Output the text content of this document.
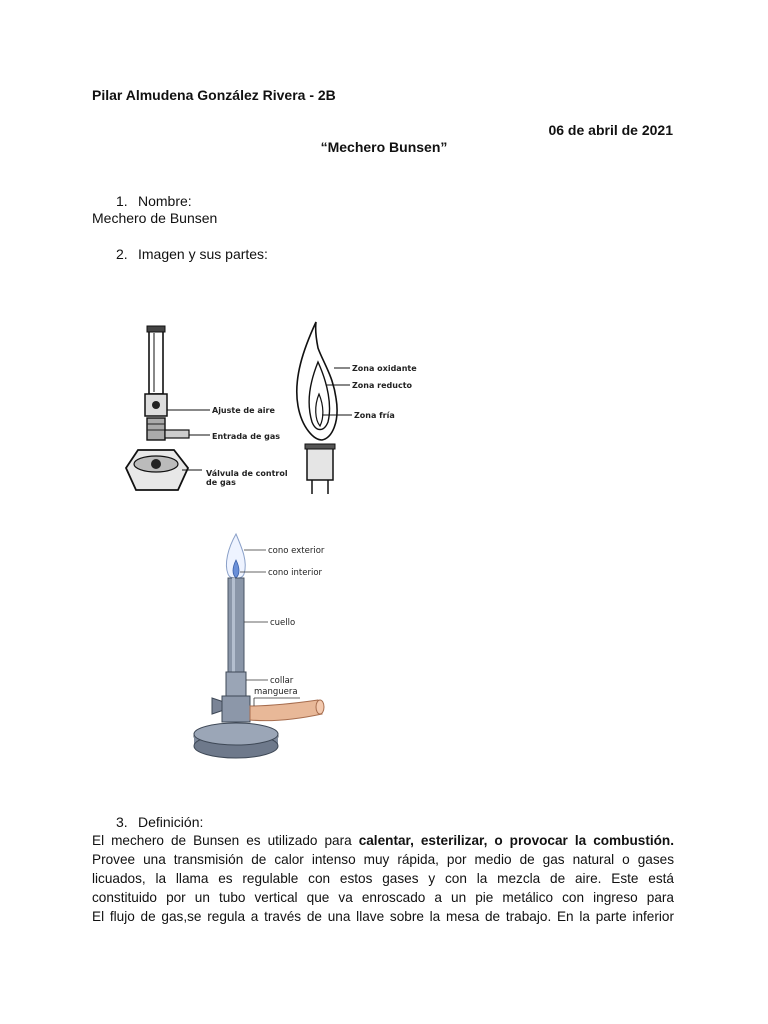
Pilar Almudena González Rivera - 2B
06 de abril de 2021
“Mechero Bunsen”
1. Nombre:
Mechero de Bunsen
2. Imagen y sus partes:
Ajuste de aire
Entrada de gas
Válvula de control
de gas
Zona oxidante
Zona reducto
Zona fría
cono exterior
cono interior
cuello
collar
manguera
3. Definición:
El mechero de Bunsen es utilizado para calentar, esterilizar, o provocar la combustión.
Provee una transmisión de calor intenso muy rápida, por medio de gas natural o gases
licuados, la llama es regulable con estos gases y con la mezcla de aire. Este está
constituido por un tubo vertical que va enroscado a un pie metálico con ingreso para
El flujo de gas,se regula a través de una llave sobre la mesa de trabajo. En la parte inferior
